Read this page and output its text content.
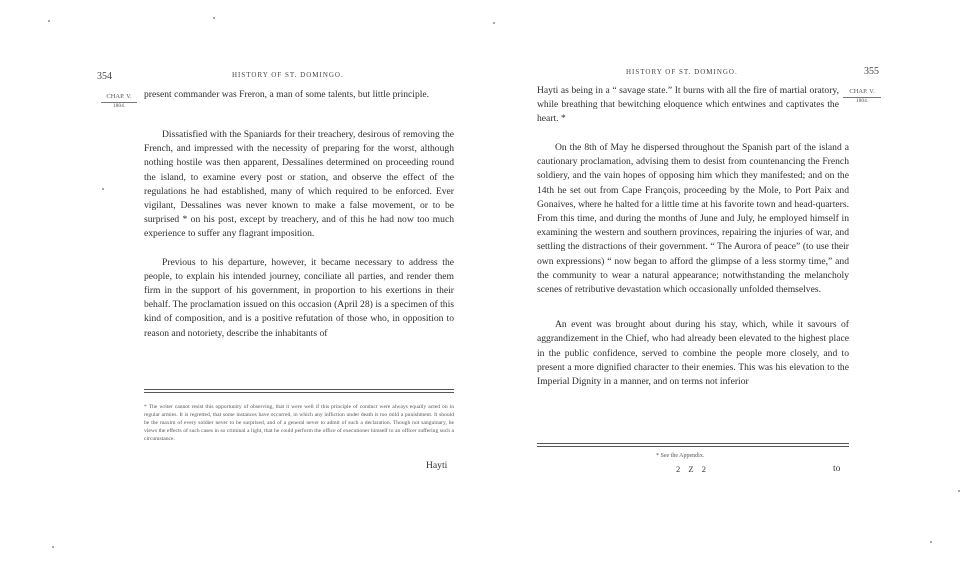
354	HISTORY OF ST. DOMINGO.
CHAP. V.
1804.

present commander was Freron, a man of some talents, but little principle.

Dissatisfied with the Spaniards for their treachery, desirous of removing the French, and impressed with the necessity of preparing for the worst, although nothing hostile was then apparent, Dessalines determined on proceeding round the island, to examine every post or station, and observe the effect of the regulations he had established, many of which required to be enforced. Ever vigilant, Dessalines was never known to make a false movement, or to be surprised * on his post, except by treachery, and of this he had now too much experience to suffer any flagrant imposition.

Previous to his departure, however, it became necessary to address the people, to explain his intended journey, conciliate all parties, and render them firm in the support of his government, in proportion to his exertions in their behalf. The proclamation issued on this occasion (April 28) is a specimen of this kind of composition, and is a positive refutation of those who, in opposition to reason and notoriety, describe the inhabitants of

* The writer cannot resist this opportunity of observing, that it were well if this principle of conduct were always equally acted on in regular armies. It is regretted, that some instances have occurred, in which any infliction under death is too mild a punishment. It should be the maxim of every soldier never to be surprised, and of a general never to admit of such a declaration. Though not sanguinary, he views the effects of such cases in so criminal a light, that he could perform the office of executioner himself to an officer suffering such a circumstance.
Hayti
HISTORY OF ST. DOMINGO.	355
CHAP. V.
1804.

Hayti as being in a “ savage state.” It burns with all the fire of martial oratory, while breathing that bewitching eloquence which entwines and captivates the heart. *

On the 8th of May he dispersed throughout the Spanish part of the island a cautionary proclamation, advising them to desist from countenancing the French soldiery, and the vain hopes of opposing him which they manifested; and on the 14th he set out from Cape François, proceeding by the Mole, to Port Paix and Gonaives, where he halted for a little time at his favorite town and head-quarters. From this time, and during the months of June and July, he employed himself in examining the western and southern provinces, repairing the injuries of war, and settling the distractions of their government. “ The Aurora of peace” (to use their own expressions) “ now began to afford the glimpse of a less stormy time,” and the community to wear a natural appearance; notwithstanding the melancholy scenes of retributive devastation which occasionally unfolded themselves.

An event was brought about during his stay, which, while it savours of aggrandizement in the Chief, who had already been elevated to the highest place in the public confidence, served to combine the people more closely, and to present a more dignified character to their enemies. This was his elevation to the Imperial Dignity in a manner, and on terms not inferior

* See the Appendix.
2 Z 2	to
